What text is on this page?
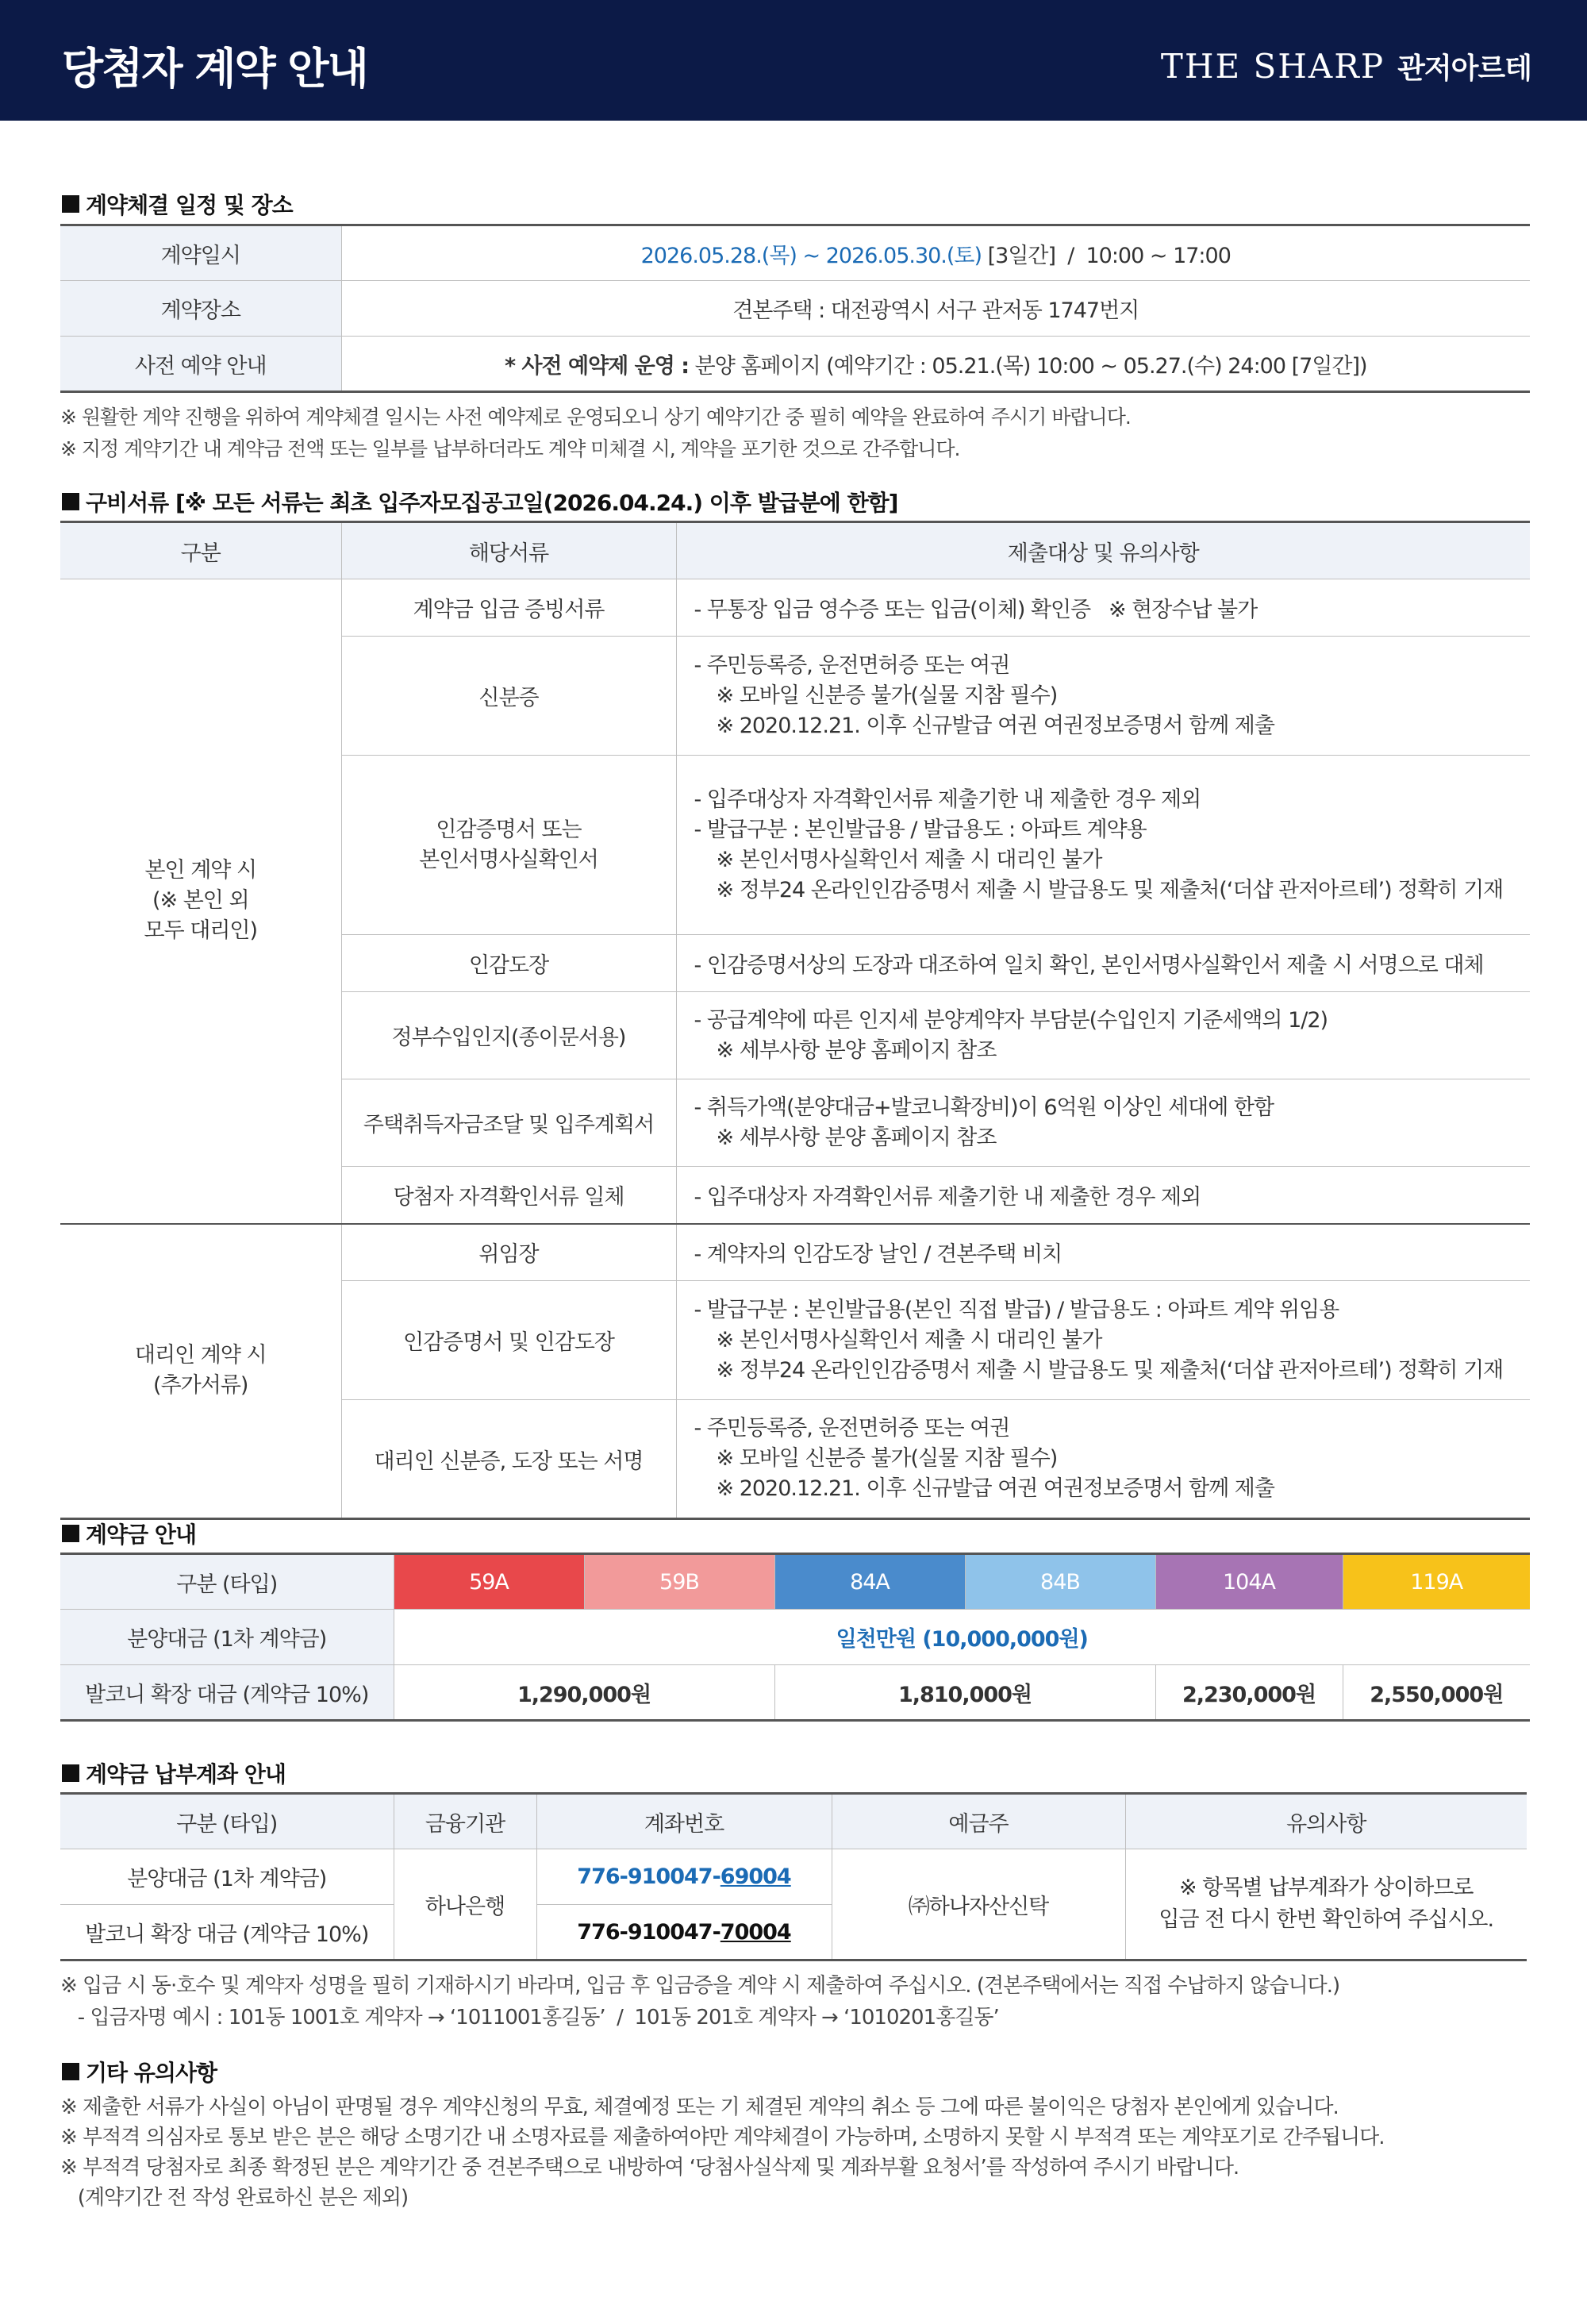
당첨자 계약 안내	THE SHARP 관저아르테
계약체결 일정 및 장소
계약일시	2026.05.28.(목) ~ 2026.05.30.(토) [3일간]  /  10:00 ~ 17:00
계약장소	견본주택 : 대전광역시 서구 관저동 1747번지
사전 예약 안내	* 사전 예약제 운영 : 분양 홈페이지 (예약기간 : 05.21.(목) 10:00 ~ 05.27.(수) 24:00 [7일간])
※ 원활한 계약 진행을 위하여 계약체결 일시는 사전 예약제로 운영되오니 상기 예약기간 중 필히 예약을 완료하여 주시기 바랍니다.
※ 지정 계약기간 내 계약금 전액 또는 일부를 납부하더라도 계약 미체결 시, 계약을 포기한 것으로 간주합니다.
구비서류 [※ 모든 서류는 최초 입주자모집공고일(2026.04.24.) 이후 발급분에 한함]
구분	해당서류	제출대상 및 유의사항
본인 계약 시
(※ 본인 외
모두 대리인)	계약금 입금 증빙서류	- 무통장 입금 영수증 또는 입금(이체) 확인증   ※ 현장수납 불가
	신분증	- 주민등록증, 운전면허증 또는 여권
※ 모바일 신분증 불가(실물 지참 필수)
※ 2020.12.21. 이후 신규발급 여권 여권정보증명서 함께 제출

	인감증명서 또는
본인서명사실확인서	- 입주대상자 자격확인서류 제출기한 내 제출한 경우 제외
- 발급구분 : 본인발급용 / 발급용도 : 아파트 계약용
※ 본인서명사실확인서 제출 시 대리인 불가
※ 정부24 온라인인감증명서 제출 시 발급용도 및 제출처(‘더샵 관저아르테’) 정확히 기재

	인감도장	- 인감증명서상의 도장과 대조하여 일치 확인, 본인서명사실확인서 제출 시 서명으로 대체
	정부수입인지(종이문서용)	- 공급계약에 따른 인지세 분양계약자 부담분(수입인지 기준세액의 1/2)
※ 세부사항 분양 홈페이지 참조

	주택취득자금조달 및 입주계획서	- 취득가액(분양대금+발코니확장비)이 6억원 이상인 세대에 한함
※ 세부사항 분양 홈페이지 참조

	당첨자 자격확인서류 일체	- 입주대상자 자격확인서류 제출기한 내 제출한 경우 제외
대리인 계약 시
(추가서류)	위임장	- 계약자의 인감도장 날인 / 견본주택 비치
	인감증명서 및 인감도장	- 발급구분 : 본인발급용(본인 직접 발급) / 발급용도 : 아파트 계약 위임용
※ 본인서명사실확인서 제출 시 대리인 불가
※ 정부24 온라인인감증명서 제출 시 발급용도 및 제출처(‘더샵 관저아르테’) 정확히 기재

	대리인 신분증, 도장 또는 서명	- 주민등록증, 운전면허증 또는 여권
※ 모바일 신분증 불가(실물 지참 필수)
※ 2020.12.21. 이후 신규발급 여권 여권정보증명서 함께 제출
계약금 안내
구분 (타입)	59A	59B	84A	84B	104A	119A
분양대금 (1차 계약금)	일천만원 (10,000,000원)					
발코니 확장 대금 (계약금 10%)	1,290,000원		1,810,000원		2,230,000원	2,550,000원
계약금 납부계좌 안내
구분 (타입)	금융기관	계좌번호	예금주	유의사항
분양대금 (1차 계약금)	하나은행	776-910047-69004	㈜하나자산신탁	※ 항목별 납부계좌가 상이하므로
입금 전 다시 한번 확인하여 주십시오.
발코니 확장 대금 (계약금 10%)		776-910047-70004		
※ 입금 시 동·호수 및 계약자 성명을 필히 기재하시기 바라며, 입금 후 입금증을 계약 시 제출하여 주십시오. (견본주택에서는 직접 수납하지 않습니다.)
- 입금자명 예시 : 101동 1001호 계약자 → ‘1011001홍길동’  /  101동 201호 계약자 → ‘1010201홍길동’
기타 유의사항
※ 제출한 서류가 사실이 아님이 판명될 경우 계약신청의 무효, 체결예정 또는 기 체결된 계약의 취소 등 그에 따른 불이익은 당첨자 본인에게 있습니다.
※ 부적격 의심자로 통보 받은 분은 해당 소명기간 내 소명자료를 제출하여야만 계약체결이 가능하며, 소명하지 못할 시 부적격 또는 계약포기로 간주됩니다.
※ 부적격 당첨자로 최종 확정된 분은 계약기간 중 견본주택으로 내방하여 ‘당첨사실삭제 및 계좌부활 요청서’를 작성하여 주시기 바랍니다.
(계약기간 전 작성 완료하신 분은 제외)
